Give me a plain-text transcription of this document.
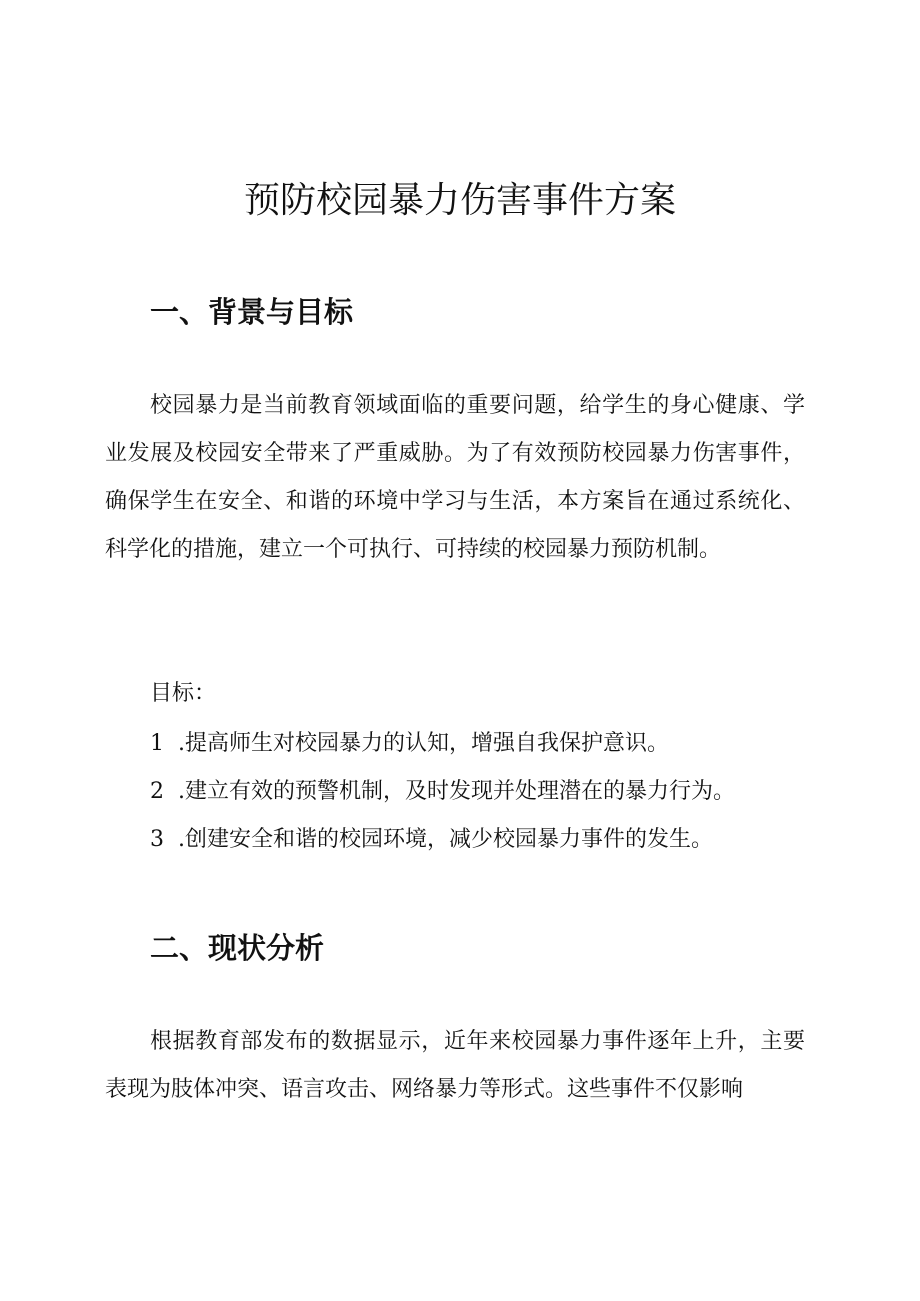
预防校园暴力伤害事件方案
一、背景与目标

校园暴力是当前教育领域面临的重要问题，给学生的身心健康、学业发展及校园安全带来了严重威胁。为了有效预防校园暴力伤害事件，确保学生在安全、和谐的环境中学习与生活，本方案旨在通过系统化、科学化的措施，建立一个可执行、可持续的校园暴力预防机制。

目标：
1 .提高师生对校园暴力的认知，增强自我保护意识。
2 .建立有效的预警机制，及时发现并处理潜在的暴力行为。
3 .创建安全和谐的校园环境，减少校园暴力事件的发生。
二、现状分析

根据教育部发布的数据显示，近年来校园暴力事件逐年上升，主要表现为肢体冲突、语言攻击、网络暴力等形式。这些事件不仅影响
